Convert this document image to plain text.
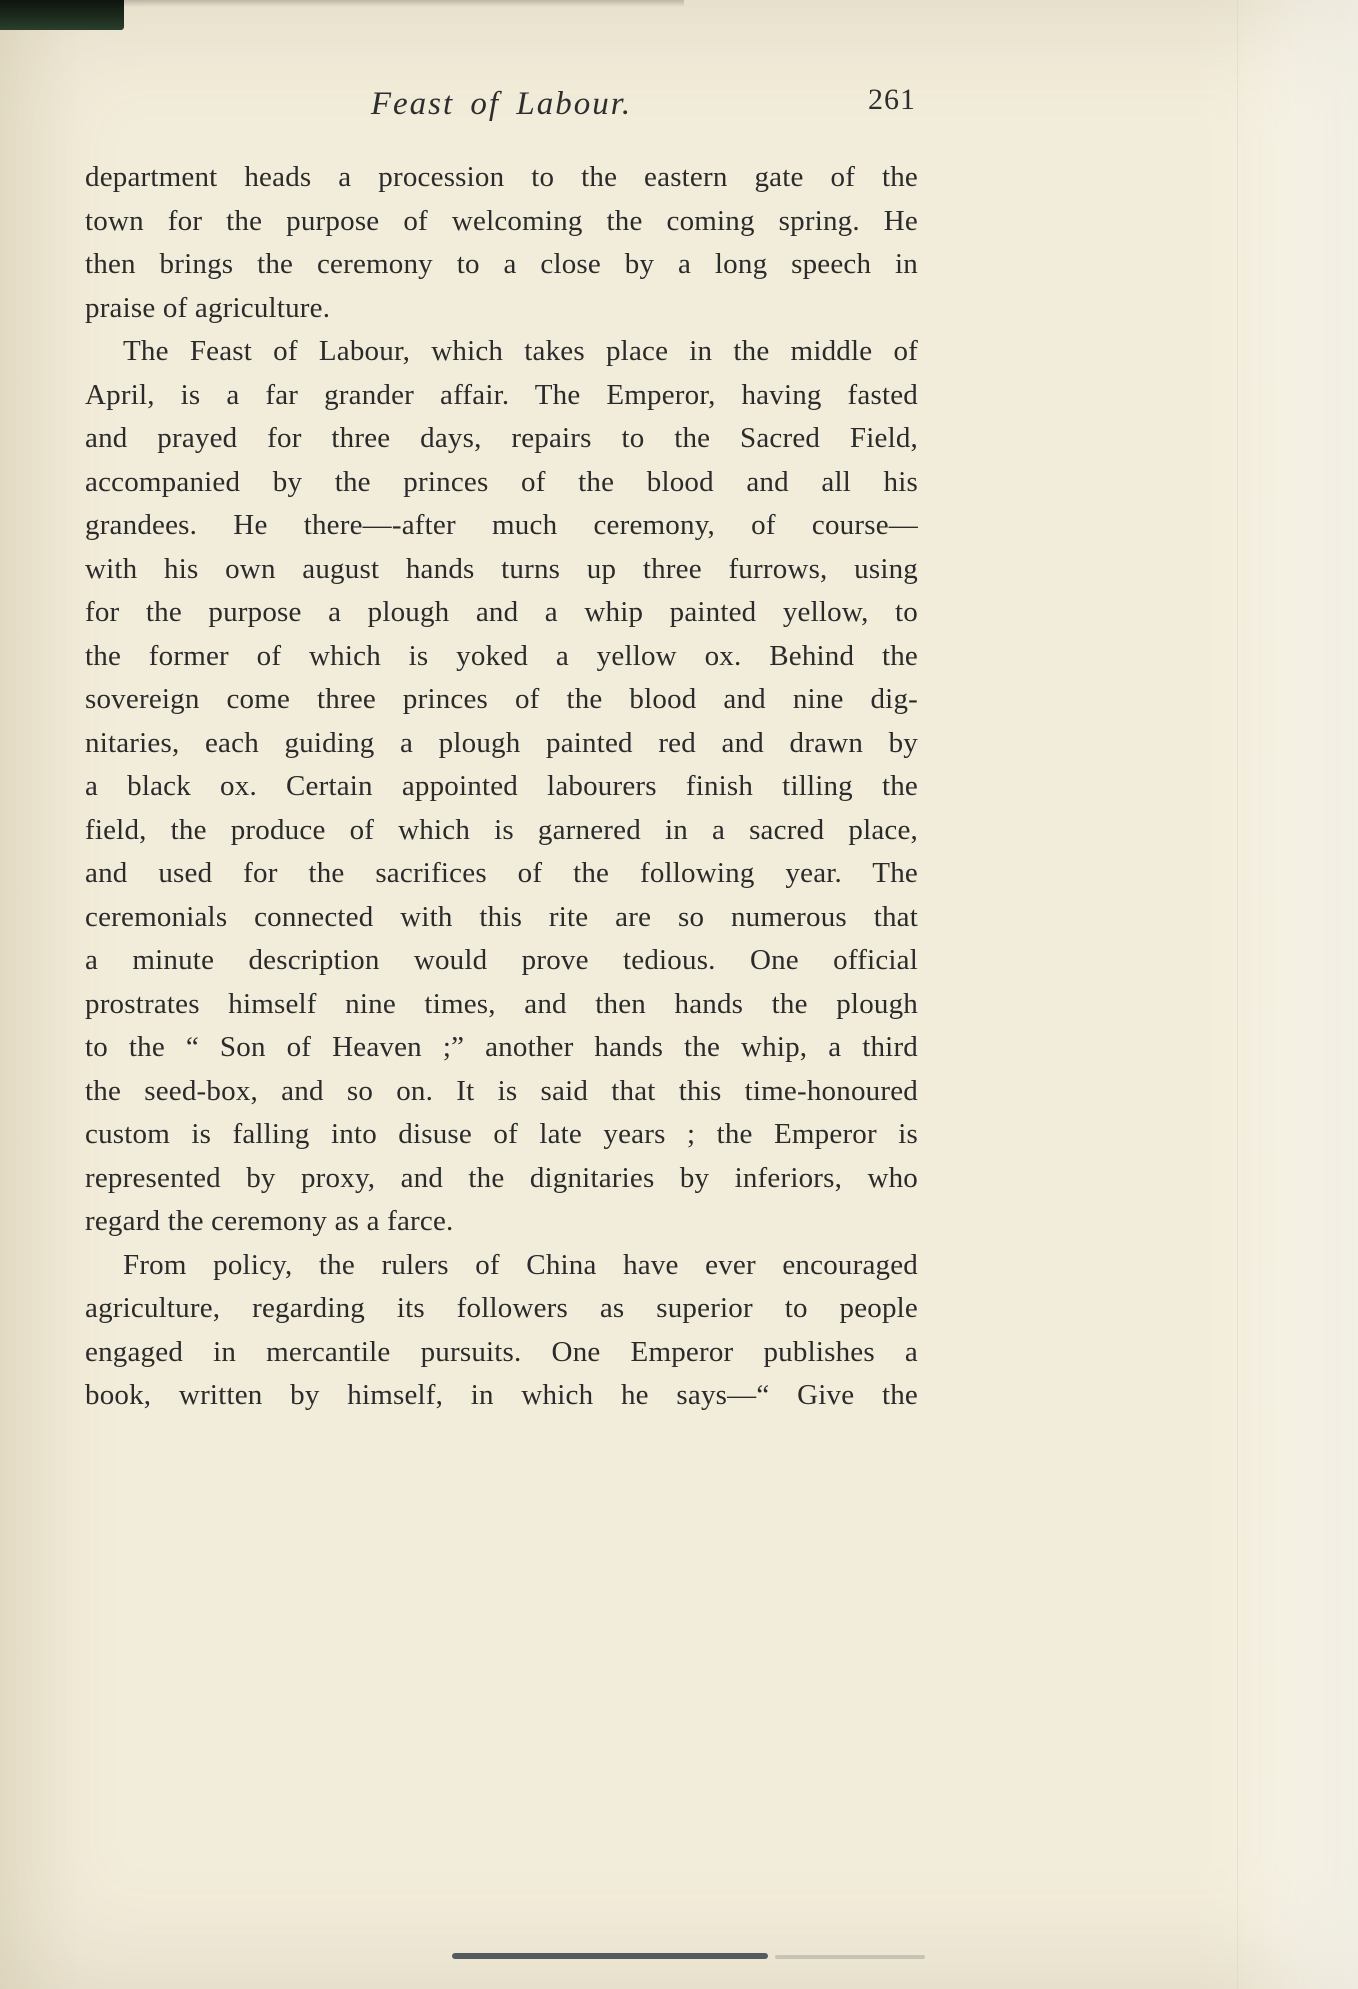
Feast of Labour.	261
department heads a procession to the eastern gate of the
town for the purpose of welcoming the coming spring. He
then brings the ceremony to a close by a long speech in
praise of agriculture.
The Feast of Labour, which takes place in the middle of
April, is a far grander affair. The Emperor, having fasted
and prayed for three days, repairs to the Sacred Field,
accompanied by the princes of the blood and all his
grandees. He there—-after much ceremony, of course—
with his own august hands turns up three furrows, using
for the purpose a plough and a whip painted yellow, to
the former of which is yoked a yellow ox. Behind the
sovereign come three princes of the blood and nine dig-
nitaries, each guiding a plough painted red and drawn by
a black ox. Certain appointed labourers finish tilling the
field, the produce of which is garnered in a sacred place,
and used for the sacrifices of the following year. The
ceremonials connected with this rite are so numerous that
a minute description would prove tedious. One official
prostrates himself nine times, and then hands the plough
to the “ Son of Heaven ;” another hands the whip, a third
the seed-box, and so on. It is said that this time-honoured
custom is falling into disuse of late years ; the Emperor is
represented by proxy, and the dignitaries by inferiors, who
regard the ceremony as a farce.
From policy, the rulers of China have ever encouraged
agriculture, regarding its followers as superior to people
engaged in mercantile pursuits. One Emperor publishes a
book, written by himself, in which he says—“ Give the
